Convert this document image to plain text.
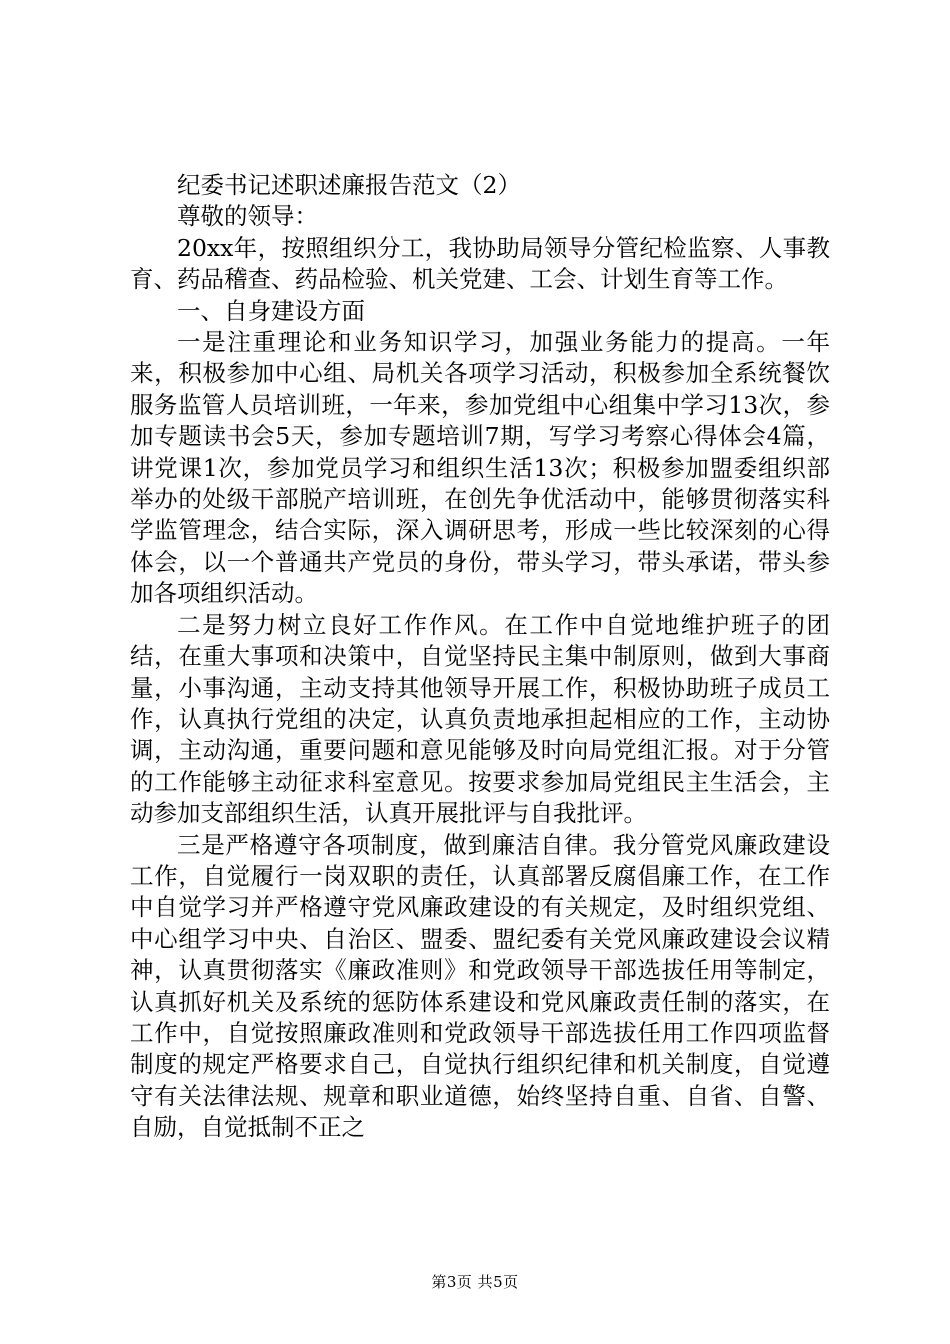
纪委书记述职述廉报告范文（2）

尊敬的领导：

20xx年，按照组织分工，我协助局领导分管纪检监察、人事教育、药品稽查、药品检验、机关党建、工会、计划生育等工作。

一、自身建设方面

一是注重理论和业务知识学习，加强业务能力的提高。一年来，积极参加中心组、局机关各项学习活动，积极参加全系统餐饮服务监管人员培训班，一年来，参加党组中心组集中学习13次，参加专题读书会5天，参加专题培训7期，写学习考察心得体会4篇，讲党课1次，参加党员学习和组织生活13次；积极参加盟委组织部举办的处级干部脱产培训班，在创先争优活动中，能够贯彻落实科学监管理念，结合实际，深入调研思考，形成一些比较深刻的心得体会，以一个普通共产党员的身份，带头学习，带头承诺，带头参加各项组织活动。

二是努力树立良好工作作风。在工作中自觉地维护班子的团结，在重大事项和决策中，自觉坚持民主集中制原则，做到大事商量，小事沟通，主动支持其他领导开展工作，积极协助班子成员工作，认真执行党组的决定，认真负责地承担起相应的工作，主动协调，主动沟通，重要问题和意见能够及时向局党组汇报。对于分管的工作能够主动征求科室意见。按要求参加局党组民主生活会，主动参加支部组织生活，认真开展批评与自我批评。

三是严格遵守各项制度，做到廉洁自律。我分管党风廉政建设工作，自觉履行一岗双职的责任，认真部署反腐倡廉工作，在工作中自觉学习并严格遵守党风廉政建设的有关规定，及时组织党组、中心组学习中央、自治区、盟委、盟纪委有关党风廉政建设会议精神，认真贯彻落实《廉政准则》和党政领导干部选拔任用等制定，认真抓好机关及系统的惩防体系建设和党风廉政责任制的落实，在工作中，自觉按照廉政准则和党政领导干部选拔任用工作四项监督制度的规定严格要求自己，自觉执行组织纪律和机关制度，自觉遵守有关法律法规、规章和职业道德，始终坚持自重、自省、自警、自励，自觉抵制不正之

第3页 共5页
